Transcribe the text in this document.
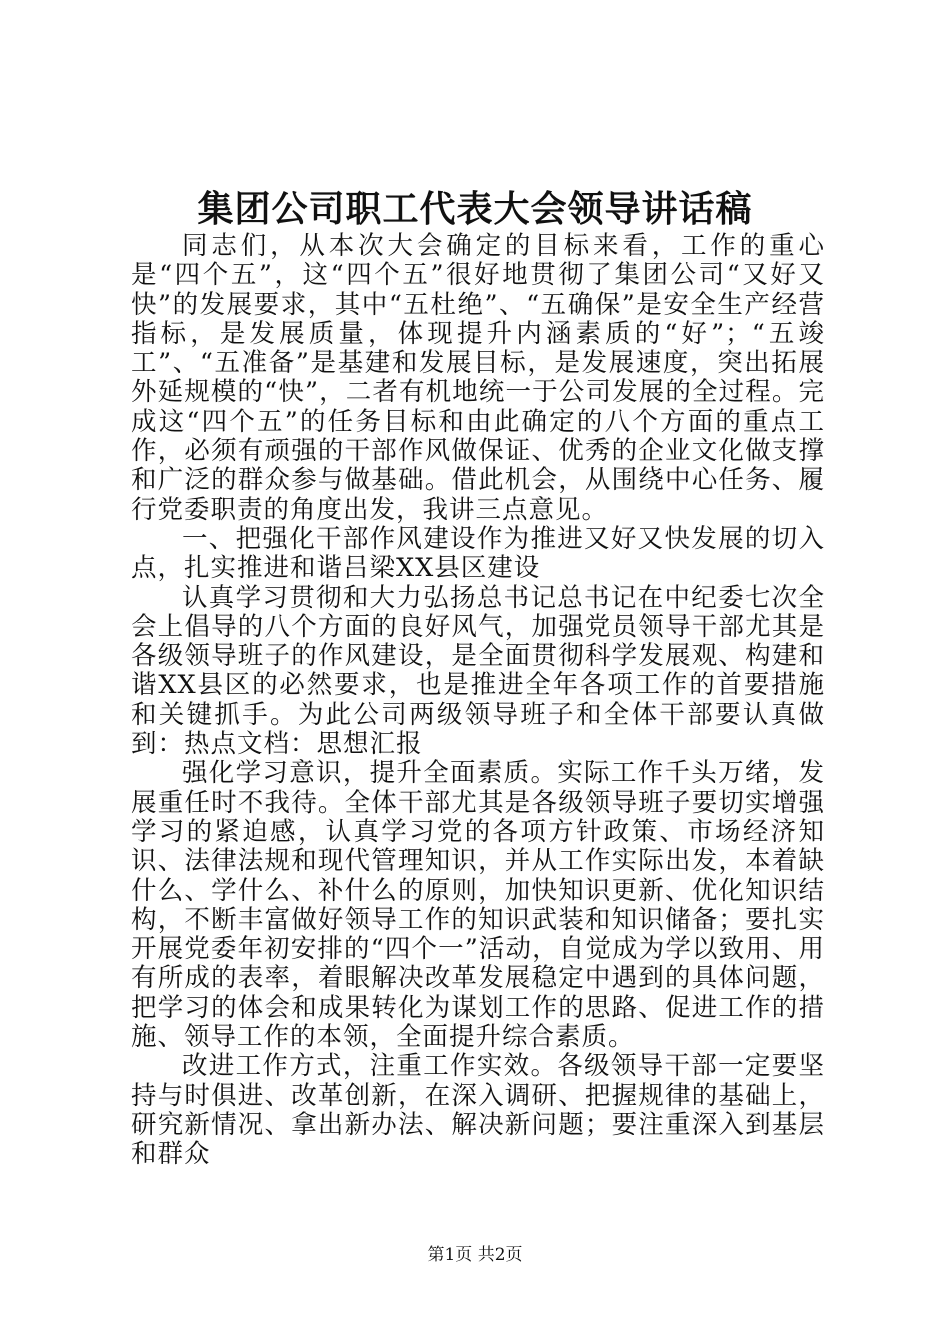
集团公司职工代表大会领导讲话稿

同志们，从本次大会确定的目标来看，工作的重心是“四个五”，这“四个五”很好地贯彻了集团公司“又好又快”的发展要求，其中“五杜绝”、“五确保”是安全生产经营指标，是发展质量，体现提升内涵素质的“好”；“五竣工”、“五准备”是基建和发展目标，是发展速度，突出拓展外延规模的“快”，二者有机地统一于公司发展的全过程。完成这“四个五”的任务目标和由此确定的八个方面的重点工作，必须有顽强的干部作风做保证、优秀的企业文化做支撑和广泛的群众参与做基础。借此机会，从围绕中心任务、履行党委职责的角度出发，我讲三点意见。

一、把强化干部作风建设作为推进又好又快发展的切入点，扎实推进和谐吕梁XX县区建设

认真学习贯彻和大力弘扬总书记总书记在中纪委七次全会上倡导的八个方面的良好风气，加强党员领导干部尤其是各级领导班子的作风建设，是全面贯彻科学发展观、构建和谐XX县区的必然要求，也是推进全年各项工作的首要措施和关键抓手。为此公司两级领导班子和全体干部要认真做到：热点文档：思想汇报

强化学习意识，提升全面素质。实际工作千头万绪，发展重任时不我待。全体干部尤其是各级领导班子要切实增强学习的紧迫感，认真学习党的各项方针政策、市场经济知识、法律法规和现代管理知识，并从工作实际出发，本着缺什么、学什么、补什么的原则，加快知识更新、优化知识结构，不断丰富做好领导工作的知识武装和知识储备；要扎实开展党委年初安排的“四个一”活动，自觉成为学以致用、用有所成的表率，着眼解决改革发展稳定中遇到的具体问题，把学习的体会和成果转化为谋划工作的思路、促进工作的措施、领导工作的本领，全面提升综合素质。

改进工作方式，注重工作实效。各级领导干部一定要坚持与时俱进、改革创新，在深入调研、把握规律的基础上，研究新情况、拿出新办法、解决新问题；要注重深入到基层和群众

第1页 共2页
